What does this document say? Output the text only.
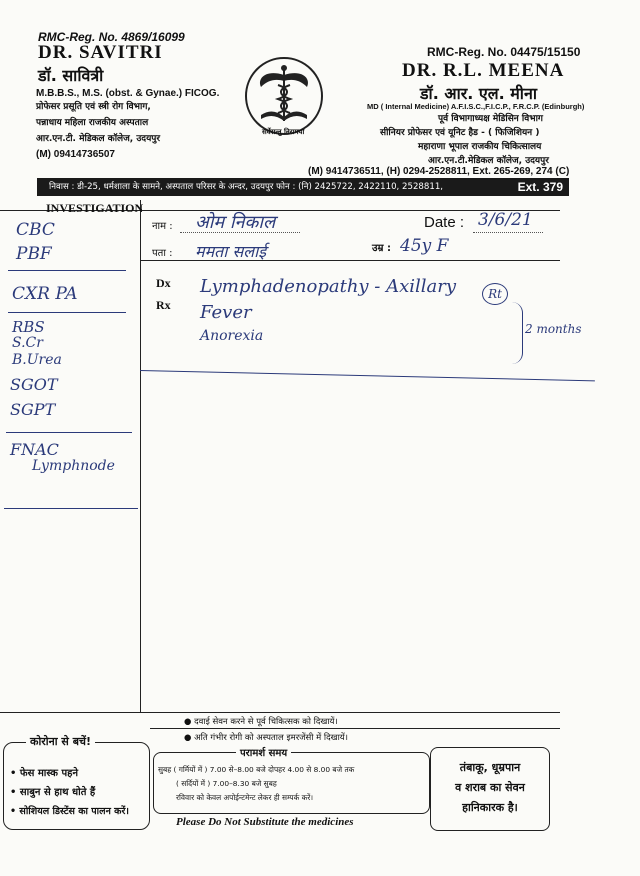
RMC-Reg. No. 4869/16099
DR. SAVITRI
डॉ. सावित्री
M.B.B.S., M.S. (obst. & Gynae.) FICOG.
प्रोफेसर प्रसूति एवं स्त्री रोग विभाग,
पन्नाधाय महिला राजकीय अस्पताल
आर.एन.टी. मेडिकल कॉलेज, उदयपुर
(M) 09414736507
सर्वेसन्तु निरामया
RMC-Reg. No. 04475/15150
DR. R.L. MEENA
डॉ. आर. एल. मीना
MD ( Internal Medicine) A.F.I.S.C.,F.I.C.P., F.R.C.P. (Edinburgh)
पूर्व विभागाध्यक्ष मेडिसिन विभाग
सीनियर प्रोफेसर एवं यूनिट हैड - ( फिजिशियन )
महाराणा भूपाल राजकीय चिकित्सालय
आर.एन.टी.मेडिकल कॉलेज, उदयपुर
(M) 9414736511, (H) 0294-2528811, Ext. 265-269, 274 (C)
निवास : डी-25, धर्मशाला के सामने, अस्पताल परिसर के अन्दर, उदयपुर फोन : (नि) 2425722, 2422110, 2528811,	Ext. 379
INVESTIGATION
नाम : ओम निकाल
पता : ममता सलाई
Date : 3/6/21
उम्र : 45y F
Dx
Rx
CBC
PBF
CXR PA
RBS
S.Cr
B.Urea
SGOT
SGPT
FNAC
Lymphnode
Lymphadenopathy - Axillary	Rt
Fever
Anorexia	2 months
● दवाई सेवन करने से पूर्व चिकित्सक को दिखायें।
● अति गंभीर रोगी को अस्पताल इमरजेंसी में दिखायें।
कोरोना से बचें!
• फेस मास्क पहने
• साबुन से हाथ धोते हैं
• सोशियल डिस्टेंस का पालन करें।
परामर्श समय
सुबह ( गर्मियों में ) 7.00 से–8.00 बजे दोपहर 4.00 से 8.00 बजे तक
( सर्दियों में ) 7.00–8.30 बजे सुबह
रविवार को केवल अपोईन्टमेन्ट लेकर ही सम्पर्क करें।
तंबाकू, धूम्रपान
व शराब का सेवन
हानिकारक है।
Please Do Not Substitute the medicines
